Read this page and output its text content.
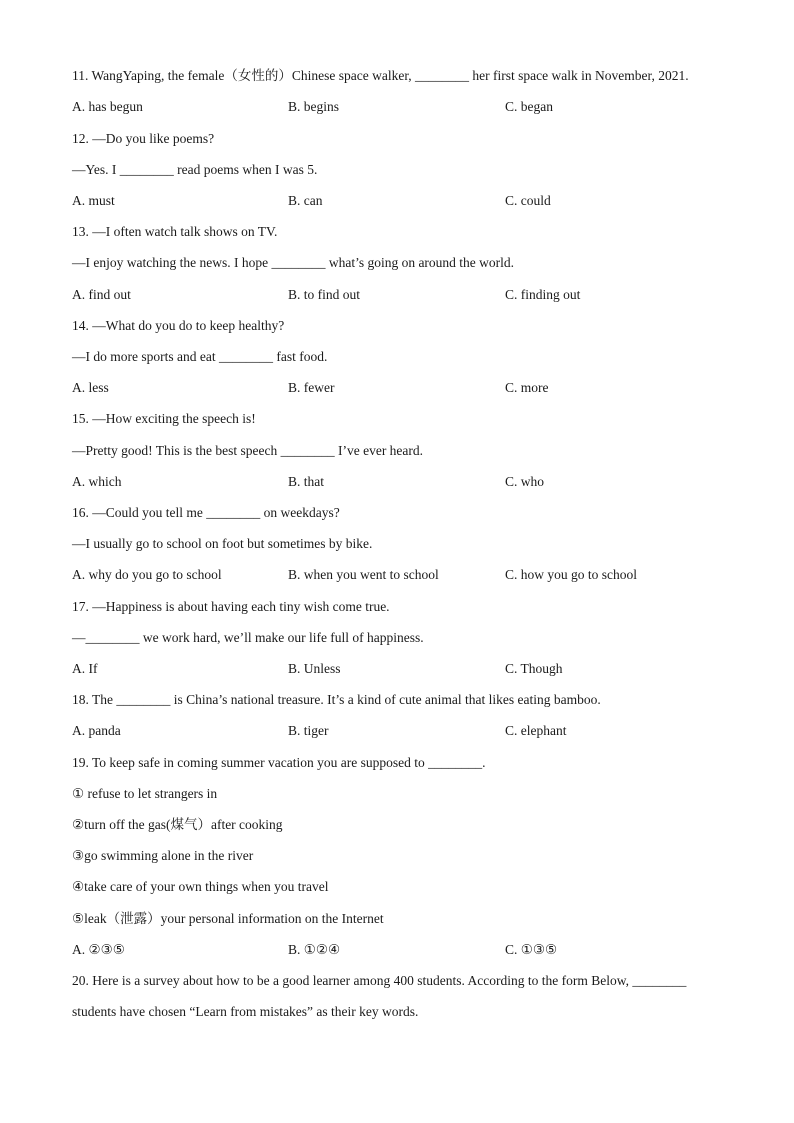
11. WangYaping, the female（女性的）Chinese space walker, ________ her first space walk in November, 2021.
A. has begun	B. begins	C. began
12. —Do you like poems?
—Yes. I ________ read poems when I was 5.
A. must	B. can	C. could
13. —I often watch talk shows on TV.
—I enjoy watching the news. I hope ________ what’s going on around the world.
A. find out	B. to find out	C. finding out
14. —What do you do to keep healthy?
—I do more sports and eat ________ fast food.
A. less	B. fewer	C. more
15. —How exciting the speech is!
—Pretty good! This is the best speech ________ I’ve ever heard.
A. which	B. that	C. who
16. —Could you tell me ________ on weekdays?
—I usually go to school on foot but sometimes by bike.
A. why do you go to school	B. when you went to school	C. how you go to school
17. —Happiness is about having each tiny wish come true.
—________ we work hard, we’ll make our life full of happiness.
A. If	B. Unless	C. Though
18. The ________ is China’s national treasure. It’s a kind of cute animal that likes eating bamboo.
A. panda	B. tiger	C. elephant
19. To keep safe in coming summer vacation you are supposed to ________.
① refuse to let strangers in
②turn off the gas(煤气）after cooking
③go swimming alone in the river
④take care of your own things when you travel
⑤leak（泄露）your personal information on the Internet
A. ②③⑤	B. ①②④	C. ①③⑤
20. Here is a survey about how to be a good learner among 400 students. According to the form Below, ________
students have chosen “Learn from mistakes” as their key words.
